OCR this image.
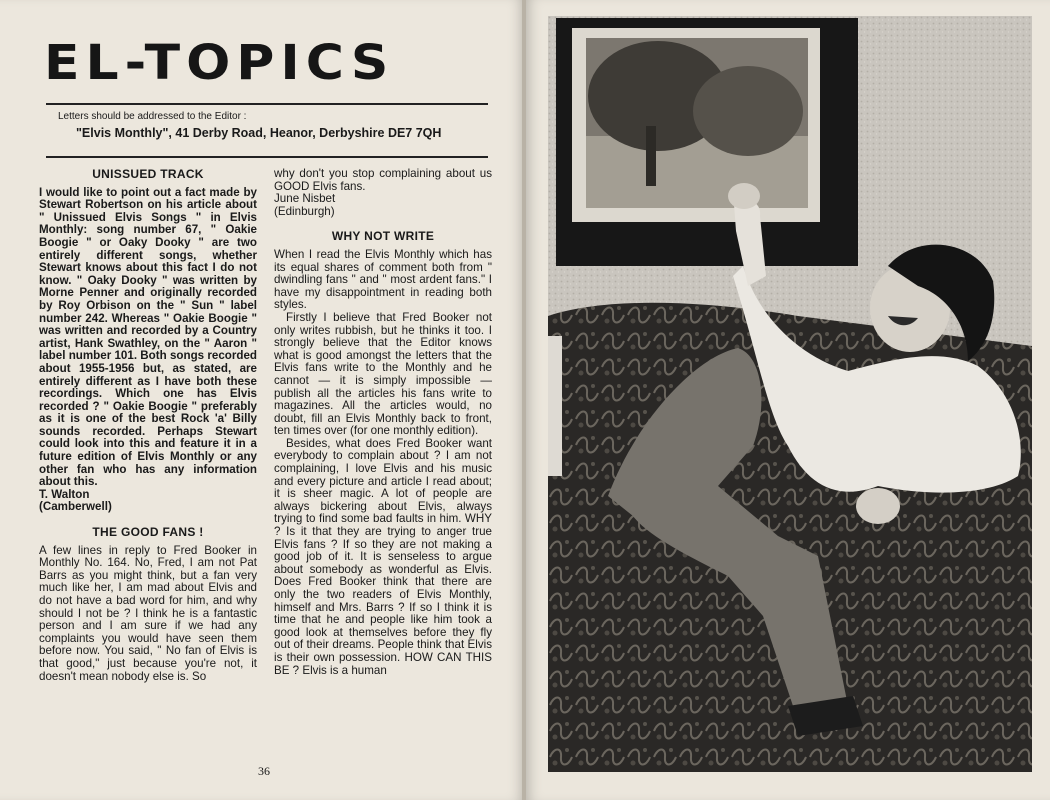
EL-TOPICS
Letters should be addressed to the Editor :
"Elvis Monthly", 41 Derby Road, Heanor, Derbyshire DE7 7QH
UNISSUED TRACK

I would like to point out a fact made by Stewart Robertson on his article about " Unissued Elvis Songs " in Elvis Monthly: song number 67, " Oakie Boogie " or Oaky Dooky " are two entirely different songs, whether Stewart knows about this fact I do not know. " Oaky Dooky " was written by Morne Penner and originally recorded by Roy Orbison on the " Sun " label number 242. Whereas " Oakie Boogie " was written and recorded by a Country artist, Hank Swathley, on the " Aaron " label number 101. Both songs recorded about 1955-1956 but, as stated, are entirely different as I have both these recordings. Which one has Elvis recorded ? " Oakie Boogie " preferably as it is one of the best Rock 'a' Billy sounds recorded. Perhaps Stewart could look into this and feature it in a future edition of Elvis Monthly or any other fan who has any information about this.

T. Walton

(Camberwell)

THE GOOD FANS !

A few lines in reply to Fred Booker in Monthly No. 164. No, Fred, I am not Pat Barrs as you might think, but a fan very much like her, I am mad about Elvis and do not have a bad word for him, and why should I not be ? I think he is a fantastic person and I am sure if we had any complaints you would have seen them before now. You said, " No fan of Elvis is that good," just because you're not, it doesn't mean nobody else is. So

why don't you stop complaining about us GOOD Elvis fans.

June Nisbet

(Edinburgh)

WHY NOT WRITE

When I read the Elvis Monthly which has its equal shares of comment both from " dwindling fans " and " most ardent fans." I have my disappointment in reading both styles.

Firstly I believe that Fred Booker not only writes rubbish, but he thinks it too. I strongly believe that the Editor knows what is good amongst the letters that the Elvis fans write to the Monthly and he cannot — it is simply impossible — publish all the articles his fans write to magazines. All the articles would, no doubt, fill an Elvis Monthly back to front, ten times over (for one monthly edition).

Besides, what does Fred Booker want everybody to complain about ? I am not complaining, I love Elvis and his music and every picture and article I read about; it is sheer magic. A lot of people are always bickering about Elvis, always trying to find some bad faults in him. WHY ? Is it that they are trying to anger true Elvis fans ? If so they are not making a good job of it. It is senseless to argue about somebody as wonderful as Elvis. Does Fred Booker think that there are only the two readers of Elvis Monthly, himself and Mrs. Barrs ? If so I think it is time that he and people like him took a good look at themselves before they fly out of their dreams. People think that Elvis is their own possession. HOW CAN THIS BE ? Elvis is a human

36
